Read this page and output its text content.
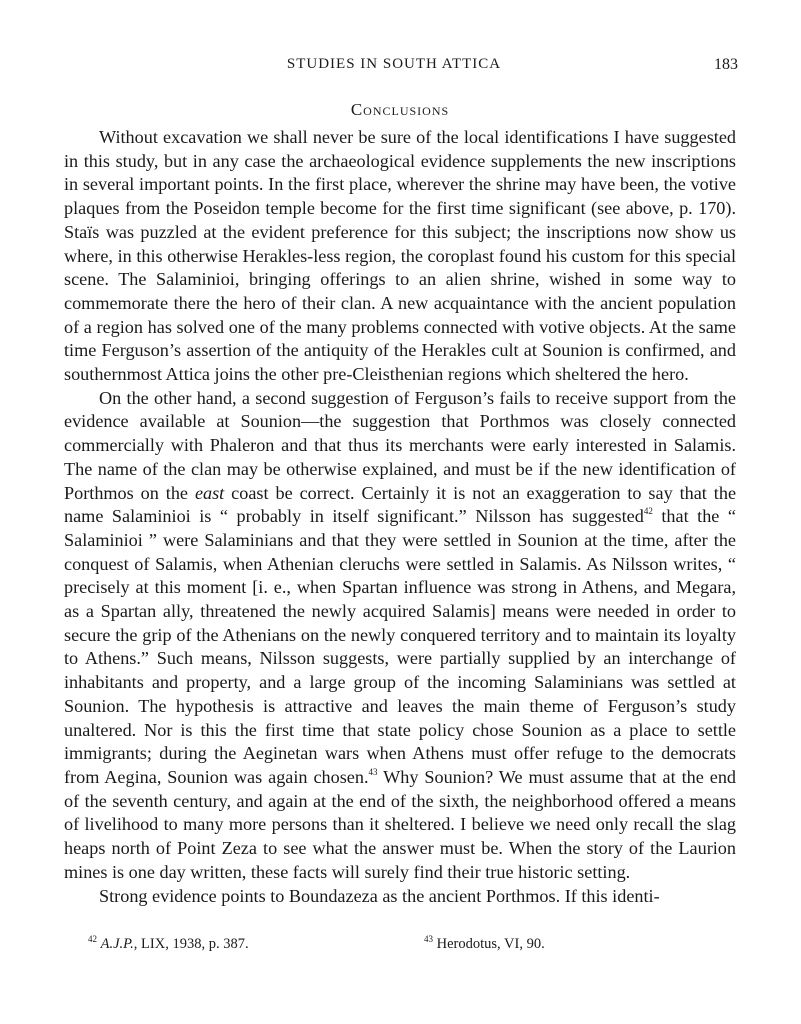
STUDIES IN SOUTH ATTICA	183
Conclusions

Without excavation we shall never be sure of the local identifications I have suggested in this study, but in any case the archaeological evidence supplements the new inscriptions in several important points. In the first place, wherever the shrine may have been, the votive plaques from the Poseidon temple become for the first time significant (see above, p. 170). Staïs was puzzled at the evident preference for this subject; the inscriptions now show us where, in this otherwise Herakles-less region, the coroplast found his custom for this special scene. The Salaminioi, bringing offerings to an alien shrine, wished in some way to commemorate there the hero of their clan. A new acquaintance with the ancient population of a region has solved one of the many problems connected with votive objects. At the same time Ferguson’s assertion of the antiquity of the Herakles cult at Sounion is confirmed, and southernmost Attica joins the other pre-Cleisthenian regions which sheltered the hero.

On the other hand, a second suggestion of Ferguson’s fails to receive support from the evidence available at Sounion—the suggestion that Porthmos was closely connected commercially with Phaleron and that thus its merchants were early interested in Salamis. The name of the clan may be otherwise explained, and must be if the new identification of Porthmos on the east coast be correct. Certainly it is not an exaggeration to say that the name Salaminioi is “ probably in itself significant.” Nilsson has suggested$^{42}$ that the “ Salaminioi ” were Salaminians and that they were settled in Sounion at the time, after the conquest of Salamis, when Athenian cleruchs were settled in Salamis. As Nilsson writes, “ precisely at this moment [i. e., when Spartan influence was strong in Athens, and Megara, as a Spartan ally, threatened the newly acquired Salamis] means were needed in order to secure the grip of the Athenians on the newly conquered territory and to maintain its loyalty to Athens.” Such means, Nilsson suggests, were partially supplied by an interchange of inhabitants and property, and a large group of the incoming Salaminians was settled at Sounion. The hypothesis is attractive and leaves the main theme of Ferguson’s study unaltered. Nor is this the first time that state policy chose Sounion as a place to settle immigrants; during the Aeginetan wars when Athens must offer refuge to the democrats from Aegina, Sounion was again chosen.$^{43}$ Why Sounion? We must assume that at the end of the seventh century, and again at the end of the sixth, the neighborhood offered a means of livelihood to many more persons than it sheltered. I believe we need only recall the slag heaps north of Point Zeza to see what the answer must be. When the story of the Laurion mines is one day written, these facts will surely find their true historic setting.

Strong evidence points to Boundazeza as the ancient Porthmos. If this identi-

$^{42}$ A.J.P., LIX, 1938, p. 387.	$^{43}$ Herodotus, VI, 90.
